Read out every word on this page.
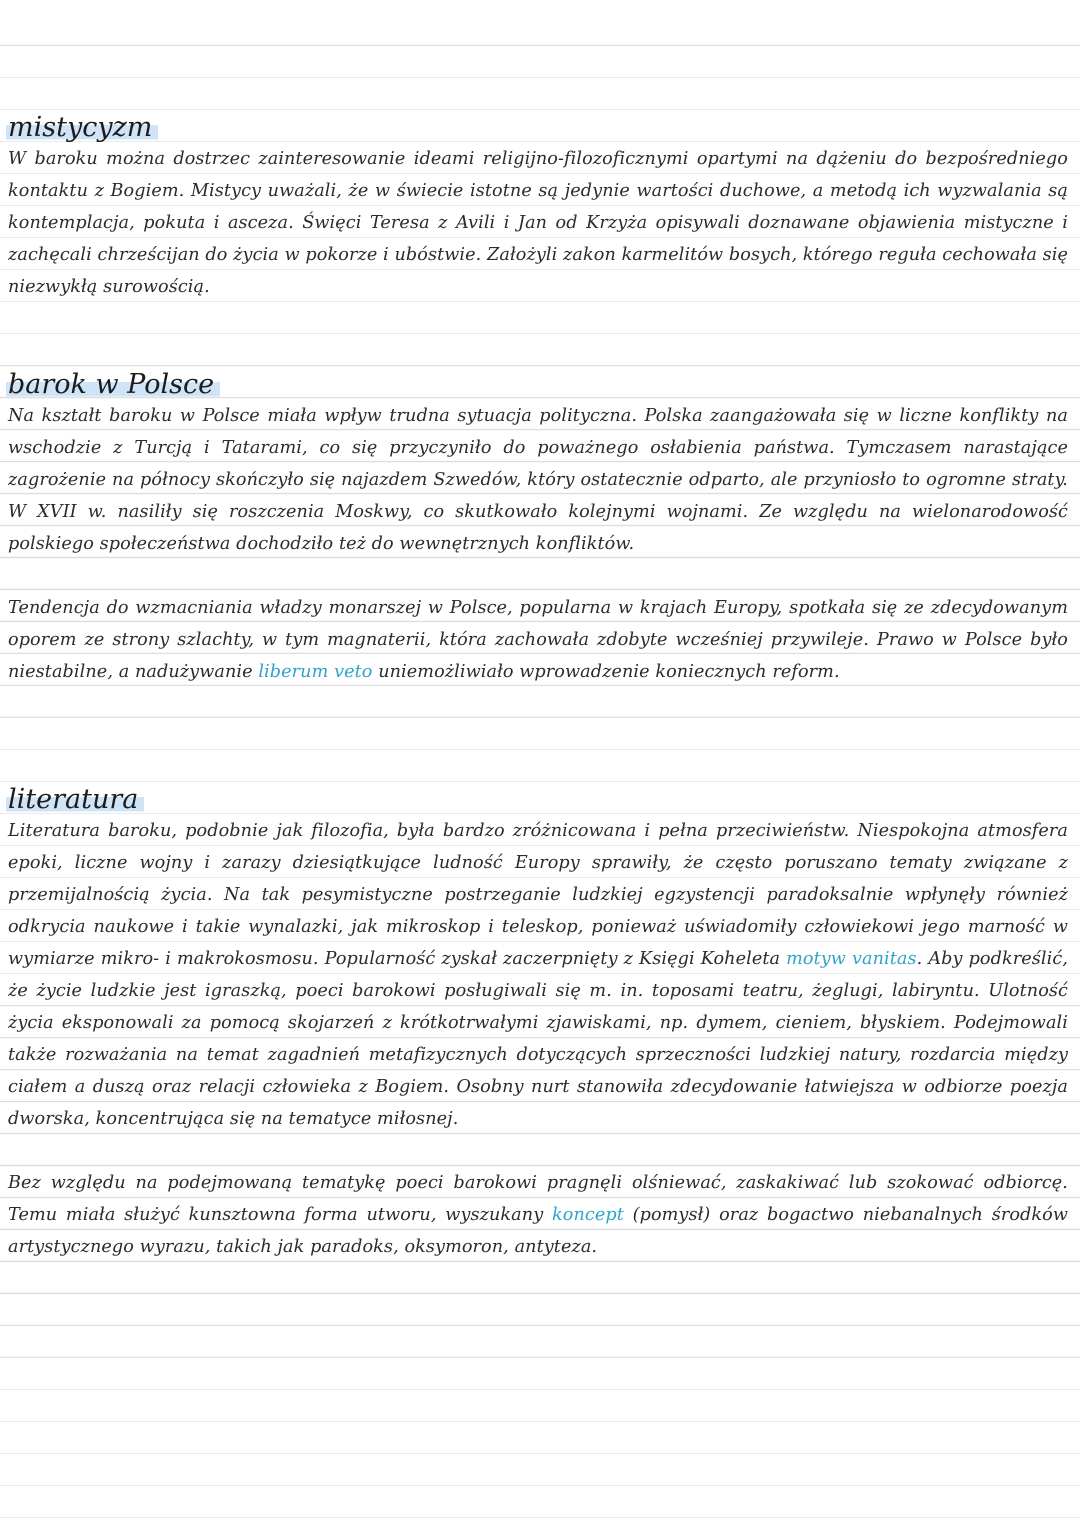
mistycyzm

W baroku można dostrzec zainteresowanie ideami religijno-filozoficznymi opartymi na dążeniu do bezpośredniego kontaktu z Bogiem. Mistycy uważali, że w świecie istotne są jedynie wartości duchowe, a metodą ich wyzwalania są kontemplacja, pokuta i asceza. Święci Teresa z Avili i Jan od Krzyża opisywali doznawane objawienia mistyczne i zachęcali chrześcijan do życia w pokorze i ubóstwie. Założyli zakon karmelitów bosych, którego reguła cechowała się niezwykłą surowością.

barok w Polsce

Na kształt baroku w Polsce miała wpływ trudna sytuacja polityczna. Polska zaangażowała się w liczne konflikty na wschodzie z Turcją i Tatarami, co się przyczyniło do poważnego osłabienia państwa. Tymczasem narastające zagrożenie na północy skończyło się najazdem Szwedów, który ostatecznie odparto, ale przyniosło to ogromne straty. W XVII w. nasiliły się roszczenia Moskwy, co skutkowało kolejnymi wojnami. Ze względu na wielonarodowość polskiego społeczeństwa dochodziło też do wewnętrznych konfliktów.

Tendencja do wzmacniania władzy monarszej w Polsce, popularna w krajach Europy, spotkała się ze zdecydowanym oporem ze strony szlachty, w tym magnaterii, która zachowała zdobyte wcześniej przywileje. Prawo w Polsce było niestabilne, a nadużywanie liberum veto uniemożliwiało wprowadzenie koniecznych reform.

literatura

Literatura baroku, podobnie jak filozofia, była bardzo zróżnicowana i pełna przeciwieństw. Niespokojna atmosfera epoki, liczne wojny i zarazy dziesiątkujące ludność Europy sprawiły, że często poruszano tematy związane z przemijalnością życia. Na tak pesymistyczne postrzeganie ludzkiej egzystencji paradoksalnie wpłynęły również odkrycia naukowe i takie wynalazki, jak mikroskop i teleskop, ponieważ uświadomiły człowiekowi jego marność w wymiarze mikro- i makrokosmosu. Popularność zyskał zaczerpnięty z Księgi Koheleta motyw vanitas. Aby podkreślić, że życie ludzkie jest igraszką, poeci barokowi posługiwali się m. in. toposami teatru, żeglugi, labiryntu. Ulotność życia eksponowali za pomocą skojarzeń z krótkotrwałymi zjawiskami, np. dymem, cieniem, błyskiem. Podejmowali także rozważania na temat zagadnień metafizycznych dotyczących sprzeczności ludzkiej natury, rozdarcia między ciałem a duszą oraz relacji człowieka z Bogiem. Osobny nurt stanowiła zdecydowanie łatwiejsza w odbiorze poezja dworska, koncentrująca się na tematyce miłosnej.

Bez względu na podejmowaną tematykę poeci barokowi pragnęli olśniewać, zaskakiwać lub szokować odbiorcę. Temu miała służyć kunsztowna forma utworu, wyszukany koncept (pomysł) oraz bogactwo niebanalnych środków artystycznego wyrazu, takich jak paradoks, oksymoron, antyteza.
